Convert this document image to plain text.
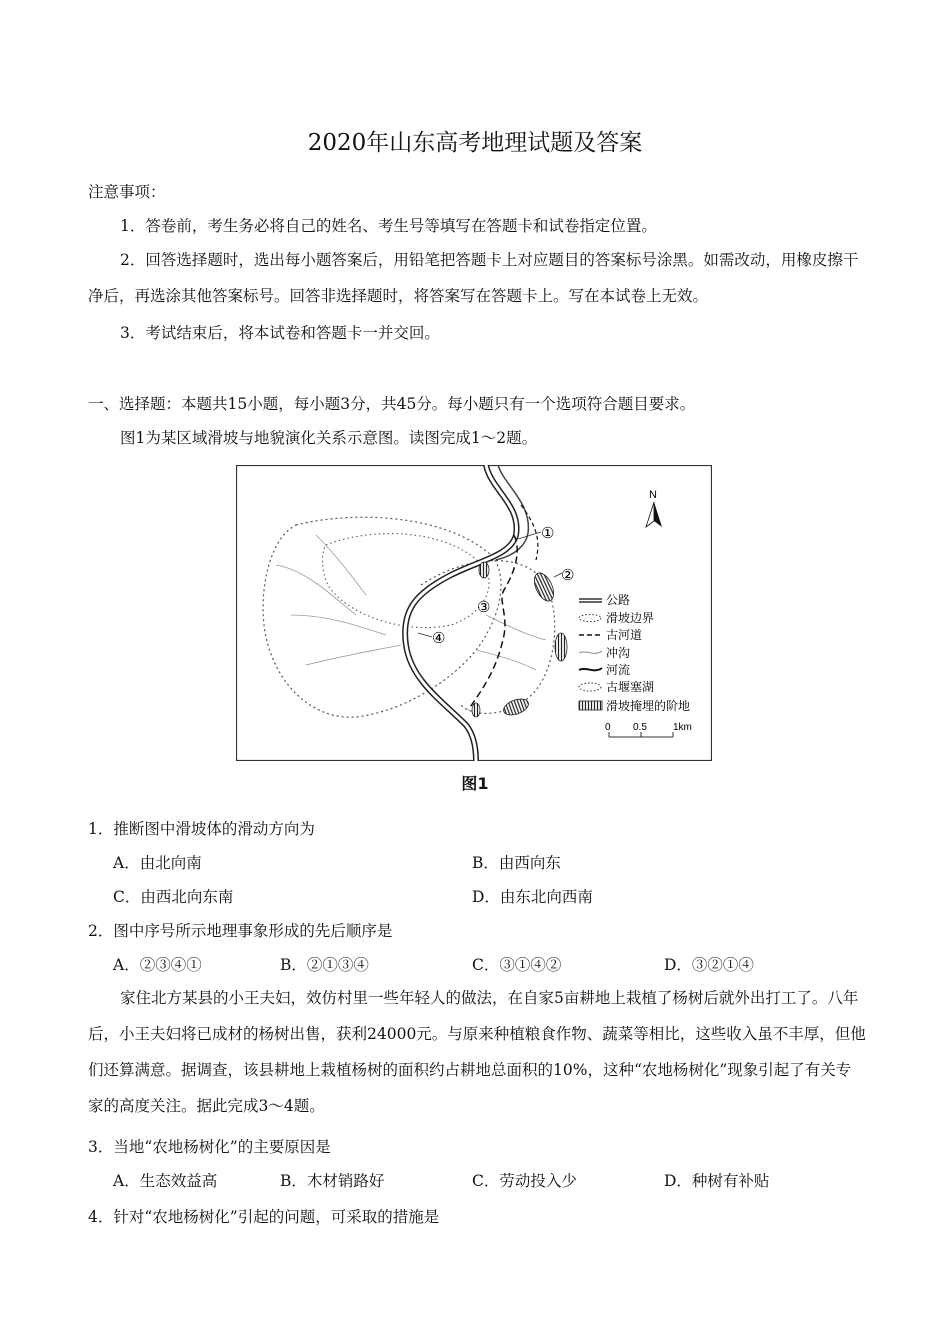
2020年山东高考地理试题及答案
注意事项：
1．答卷前，考生务必将自己的姓名、考生号等填写在答题卡和试卷指定位置。
2．回答选择题时，选出每小题答案后，用铅笔把答题卡上对应题目的答案标号涂黑。如需改动，用橡皮擦干净后，再选涂其他答案标号。回答非选择题时，将答案写在答题卡上。写在本试卷上无效。
3．考试结束后，将本试卷和答题卡一并交回。
一、选择题：本题共15小题，每小题3分，共45分。每小题只有一个选项符合题目要求。
图1为某区域滑坡与地貌演化关系示意图。读图完成1～2题。
①
②
③
④
N
公路
滑坡边界
古河道
冲沟
河流
古堰塞湖
滑坡掩埋的阶地
0 0.5	1km
图1
1．推断图中滑坡体的滑动方向为
A．由北向南	B．由西向东
C．由西北向东南	D．由东北向西南
2．图中序号所示地理事象形成的先后顺序是
A．②③④①	B．②①③④	C．③①④②	D．③②①④
家住北方某县的小王夫妇，效仿村里一些年轻人的做法，在自家5亩耕地上栽植了杨树后就外出打工了。八年后，小王夫妇将已成材的杨树出售，获利24000元。与原来种植粮食作物、蔬菜等相比，这些收入虽不丰厚，但他们还算满意。据调查，该县耕地上栽植杨树的面积约占耕地总面积的10%，这种“农地杨树化”现象引起了有关专家的高度关注。据此完成3～4题。
3．当地“农地杨树化”的主要原因是
A．生态效益高	B．木材销路好	C．劳动投入少	D．种树有补贴
4．针对“农地杨树化”引起的问题，可采取的措施是
